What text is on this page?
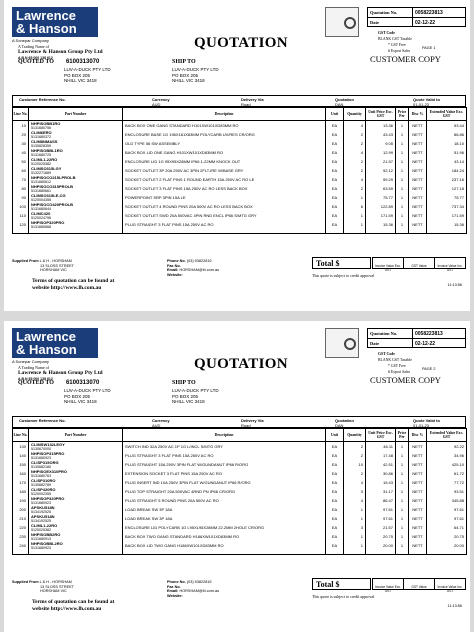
Lawrence
& Hanson
A Sonepar Company
A Trading Name of
Lawrence & Hanson Group Pty Ltd
A.B.N 65 000 138 612
QUOTATION
Quotation No.	0058223813
Date	02-12-22
GST Code
BLANK GST Taxable
* GST Free
# Export Sales
PAGE 1
CUSTOMER COPY
QUOTED TO 6100313070	SHIP TO
LUV-A-DUCK PTY LTD
PO BOX 205
NHILL VIC 3418
LUV-A-DUCK PTY LTD
PO BOX 205
NHILL VIC 3418
Customer Reference No.	Currency
AUD
Delivery Via
Road
Quotation
DAN
Quote Valid to
01-01-23
Line No.	Part Number	Description	Unit	Quantity	Unit Price Exc. GST	Price Per	Disc %	Extended Value Exc. GST
10	NHPISOBB1RO
5131680756	BACK BOX ONE GANG STANDARD H101XW101XD83MM RO	EA	4	13.36	1	NETT	53.44
20	CLIM6ERO
5131680372	ENCLOSURE BASE 1G 196X161X83MM POLYCARB UV/RES CR/ORG	EA	2	43.43	1	NETT	86.86
30	CLIM8NMASS
5130828359	OLD TYPE 56 SW ASSEMBLY	EA	2	9.05	1	NETT	18.10
40	NHPISOBBL1RO
5131680725	BACK BOX LID ONE GANG H101XW101XD83MM RO	EA	4	12.99	1	NETT	51.96
50	CLIML1-22RO
5120025382	ENCLOSURE LID 1G 95X95X28MM IP66 1-22MM KNOCK OUT	EA	2	21.57	1	NETT	43.14
60	CLIMSO315LGY
5132271889	SOCKET OUTLET 3P 20A 250V AC 3PIN 2FLT-IRE W/BASE GRY	EA	2	92.12	1	NETT	184.24
70	NHPISOCO215LPROLB
5131680612	SOCKET OUTLET 2 FLAT PINS 1 ROUND EARTH 15A 250V AC RO LE	EA	4	59.29	1	NETT	237.16
80	NHPISOCO315PROLB
5131680661	SOCKET OUTLET 3 FLAT PINS 15A 250V AC RO LESS BACK BOX	EA	2	63.59	1	NETT	127.18
90	CLIMSO315LE-CG
5120004355	POWERPOINT SRP 3PIN 15A LE	EA	1	75.77	1	NETT	75.77
100	NHPISOCO420PROLB
5131680644	SOCKET OUTLET 4 ROUND PINS 20A 500V AC RO LESS BACK BOX	EA	6	122.89	1	NETT	737.34
110	CLIMC420
5120024796	SOCKET OUTLET SWD 20A 500VAC 4PIN RND ENCL IP66 S/MTG GRY	EA	1	171.59	1	NETT	171.59
120	NHPISOP320PRO
5131680668	PLUG STRAIGHT 3 FLAT PINS 15A 250V AC RO	EA	1	15.36	1	NETT	15.36

Supplied From L & H - HORSHAM
13 SLOSS STREET
HORSHAM VIC
Phone No. (03) 53822819
Fax No.
Email: HORSHAM@lh.com.au
Website:
Total $	Invoice Value Exc. GST
GST Value	Invoice Value Inc. GST
This quote is subject to credit approval
Terms of quotation can be found at
website http://www.lh.com.au	11:13:56
Lawrence
& Hanson
A Sonepar Company
A Trading Name of
Lawrence & Hanson Group Pty Ltd
A.B.N 65 000 138 612
QUOTATION
Quotation No.	0058223813
Date	02-12-22
GST Code
BLANK GST Taxable
* GST Free
# Export Sales
PAGE 2
CUSTOMER COPY
QUOTED TO 6100313070	SHIP TO
LUV-A-DUCK PTY LTD
PO BOX 205
NHILL VIC 3418
LUV-A-DUCK PTY LTD
PO BOX 205
NHILL VIC 3418
Customer Reference No.	Currency
AUD
Delivery Via
Road
Quotation
DAN
Quote Valid to
01-01-23
Line No.	Part Number	Description	Unit	Quantity	Unit Price Exc. GST	Price Per	Disc %	Extended Value Exc. GST
130	CLIMSW132LEGY
5130670000	SWITCH IND 32A 250V AC 1P 1G L/INCL S/MTG GRY	EA	2	46.11	1	NETT	92.22
140	NHPISOP315PRO
5131680923	PLUG STRAIGHT 3 FLAT PINS 15A 250V AC RO	EA	2	17.48	1	NETT	34.96
150	CLISP315ORG
5130682180	PLUG STRAIGHT 15A 250V 3PIN FLAT W/GUNDANUT IP66 R/ORG	EA	10	42.51	1	NETT	425.10
160	NHPISOEX310PRO
5131680763	EXTENSION SOCKET 3 FLAT PINS 15A 250V AC RO	EA	2	30.86	1	NETT	61.72
170	CLISP310RO
5130682789	PLUG INSERT IND 10A 250V 3PIN FLAT W/GUNDANUT IP66 R/ORG	EA	4	19.43	1	NETT	77.72
180	CLISP420RO
5120002355	PLUG TOP STRAIGHT 20A 500VAC 4RND PN IP66 CR/ORG	EA	3	31.17	1	NETT	93.51
190	NHPISOP320PRO
5131680923	PLUG STRAIGHT 5 ROUND PINS 20A 500V AC RO	EA	4	86.47	1	NETT	345.88
200	APSKU518N
5134192525	LOAD BREAK SW 3P 18A	EA	1	97.61	1	NETT	97.61
210	APSKU518N
5134192525	LOAD BREAK SW 3P 18A	EA	1	97.61	1	NETT	97.61
220	CLIML1-22RO
5120025382	ENCLOSURE LID POLYCARB 1G L95XL95X28MM 22.2MM 2HOLE CR/ORG	EA	3	21.57	1	NETT	64.71
230	NHPISOBB2RO
5131680913	BACK BOX TWO GANG STANDARD H186XW101XD83MM RO	EA	1	20.75	1	NETT	20.75
240	NHPISOBBL2RO
5131680923	BACK BOX LID TWO GANG H186XW101XD83MM RO	EA	1	20.00	1	NETT	20.00

Supplied From L & H - HORSHAM
13 SLOSS STREET
HORSHAM VIC
Phone No. (03) 53822819
Fax No.
Email: HORSHAM@lh.com.au
Website:
Total $	Invoice Value Exc. GST
GST Value	Invoice Value Inc. GST
This quote is subject to credit approval
Terms of quotation can be found at
website http://www.lh.com.au	11:13:56
